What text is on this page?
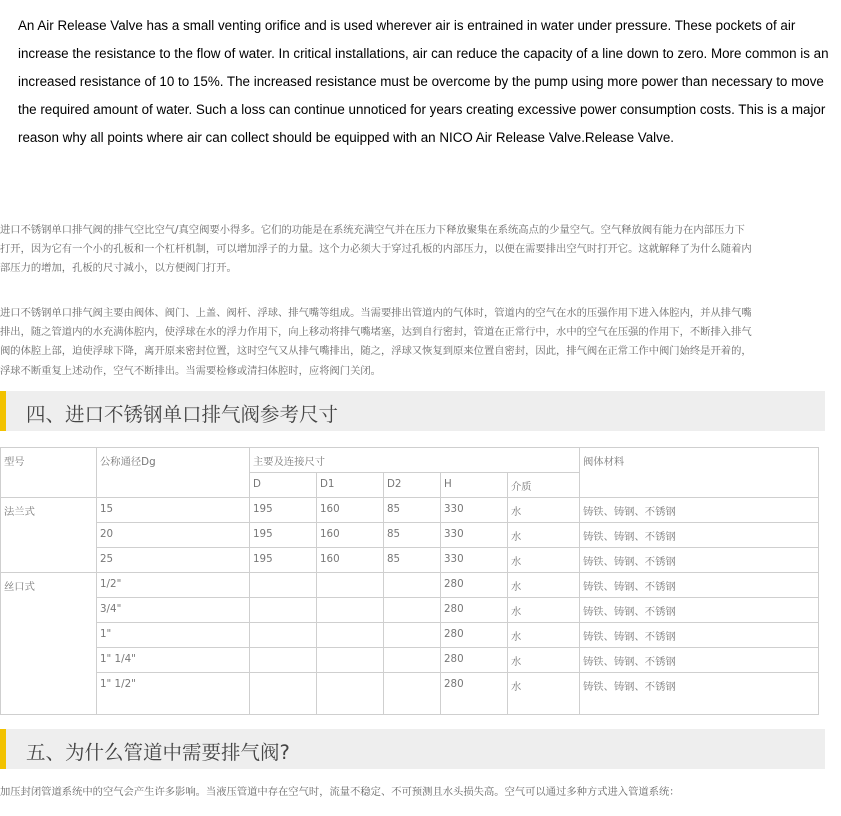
An Air Release Valve has a small venting orifice and is used wherever air is entrained in water under pressure. These pockets of air
increase the resistance to the flow of water. In critical installations, air can reduce the capacity of a line down to zero. More common is an
increased resistance of 10 to 15%. The increased resistance must be overcome by the pump using more power than necessary to move
the required amount of water. Such a loss can continue unnoticed for years creating excessive power consumption costs. This is a major
reason why all points where air can collect should be equipped with an NICO Air Release Valve.Release Valve.
进口不锈钢单口排气阀的排气空比空气/真空阀要小得多。它们的功能是在系统充满空气并在压力下释放聚集在系统高点的少量空气。空气释放阀有能力在内部压力下
打开，因为它有一个小的孔板和一个杠杆机制，可以增加浮子的力量。这个力必须大于穿过孔板的内部压力，以便在需要排出空气时打开它。这就解释了为什么随着内
部压力的增加，孔板的尺寸减小，以方便阀门打开。
进口不锈钢单口排气阀主要由阀体、阀门、上盖、阀杆、浮球、排气嘴等组成。当需要排出管道内的气体时，管道内的空气在水的压强作用下进入体腔内，并从排气嘴
排出，随之管道内的水充满体腔内，使浮球在水的浮力作用下，向上移动将排气嘴堵塞，达到自行密封，管道在正常行中，水中的空气在压强的作用下，不断排入排气
阀的体腔上部，迫使浮球下降，离开原来密封位置，这时空气又从排气嘴排出，随之，浮球又恢复到原来位置自密封，因此，排气阀在正常工作中阀门始终是开着的，
浮球不断重复上述动作，空气不断排出。当需要检修或清扫体腔时，应将阀门关闭。
四、进口不锈钢单口排气阀参考尺寸
型号	公称通径Dg	主要及连接尺寸					阀体材料
		D	D1	D2	H	介质	
法兰式	15	195	160	85	330	水	铸铁、铸钢、不锈钢
	20	195	160	85	330	水	铸铁、铸钢、不锈钢
	25	195	160	85	330	水	铸铁、铸钢、不锈钢
丝口式	1/2"				280	水	铸铁、铸钢、不锈钢
	3/4"				280	水	铸铁、铸钢、不锈钢
	1"				280	水	铸铁、铸钢、不锈钢
	1" 1/4"				280	水	铸铁、铸钢、不锈钢
	1" 1/2"				280	水	铸铁、铸钢、不锈钢
五、为什么管道中需要排气阀?
加压封闭管道系统中的空气会产生许多影响。当液压管道中存在空气时，流量不稳定、不可预测且水头损失高。空气可以通过多种方式进入管道系统：
